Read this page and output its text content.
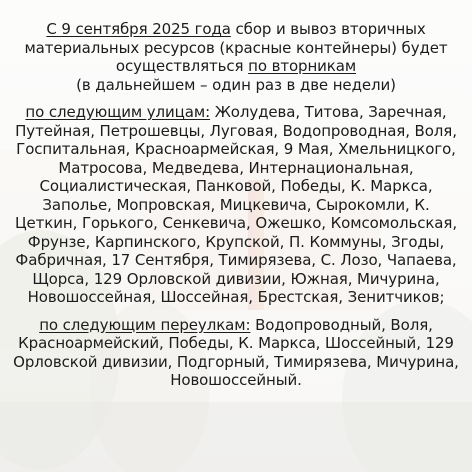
С 9 сентября 2025 года сбор и вывоз вторичных материальных ресурсов (красные контейнеры) будет осуществляться по вторникам
(в дальнейшем – один раз в две недели)

по следующим улицам: Жолудева, Титова, Заречная, Путейная, Петрошевцы, Луговая, Водопроводная, Воля, Госпитальная, Красноармейская, 9 Мая, Хмельницкого, Матросова, Медведева, Интернациональная, Социалистическая, Панковой, Победы, К. Маркса, Заполье, Мопровская, Мицкевича, Сырокомли, К. Цеткин, Горького, Сенкевича, Ожешко, Комсомольская, Фрунзе, Карпинского, Крупской, П. Коммуны, Згоды, Фабричная, 17 Сентября, Тимирязева, С. Лозо, Чапаева, Щорса, 129 Орловской дивизии, Южная, Мичурина, Новошоссейная, Шоссейная, Брестская, Зенитчиков;

по следующим переулкам: Водопроводный, Воля, Красноармейский, Победы, К. Маркса, Шоссейный, 129 Орловской дивизии, Подгорный, Тимирязева, Мичурина, Новошоссейный.
